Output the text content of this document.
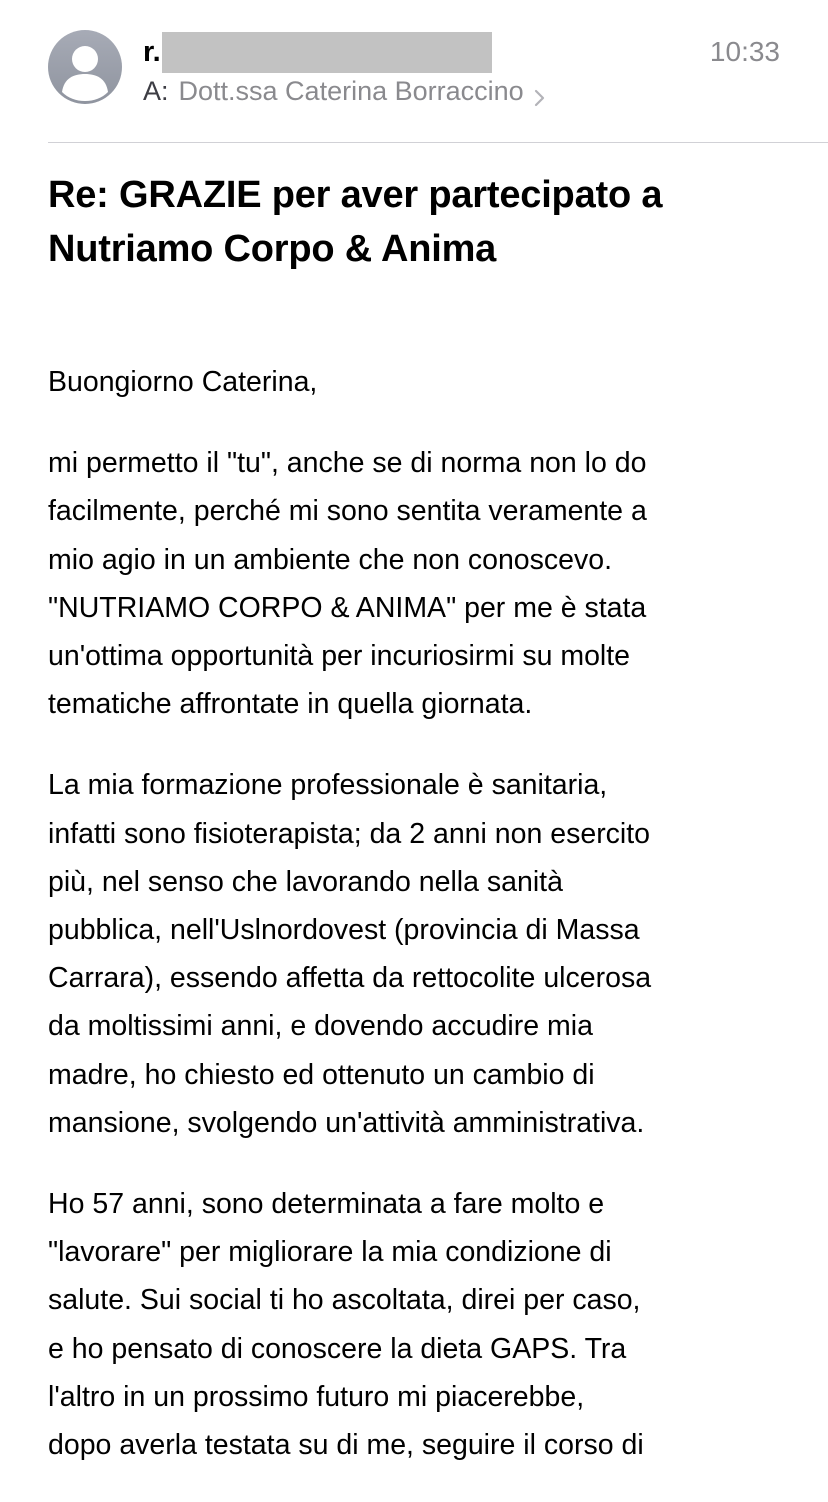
r.	10:33
A: Dott.ssa Caterina Borraccino
Re: GRAZIE per aver partecipato a Nutriamo Corpo & Anima

Buongiorno Caterina,

mi permetto il "tu", anche se di norma non lo do
facilmente, perché mi sono sentita veramente a
mio agio in un ambiente che non conoscevo.
"NUTRIAMO CORPO & ANIMA" per me è stata
un'ottima opportunità per incuriosirmi su molte
tematiche affrontate in quella giornata.

La mia formazione professionale è sanitaria,
infatti sono fisioterapista; da 2 anni non esercito
più, nel senso che lavorando nella sanità
pubblica, nell'Uslnordovest (provincia di Massa
Carrara), essendo affetta da rettocolite ulcerosa
da moltissimi anni, e dovendo accudire mia
madre, ho chiesto ed ottenuto un cambio di
mansione, svolgendo un'attività amministrativa.

Ho 57 anni, sono determinata a fare molto e
"lavorare" per migliorare la mia condizione di
salute. Sui social ti ho ascoltata, direi per caso,
e ho pensato di conoscere la dieta GAPS. Tra
l'altro in un prossimo futuro mi piacerebbe,
dopo averla testata su di me, seguire il corso di
